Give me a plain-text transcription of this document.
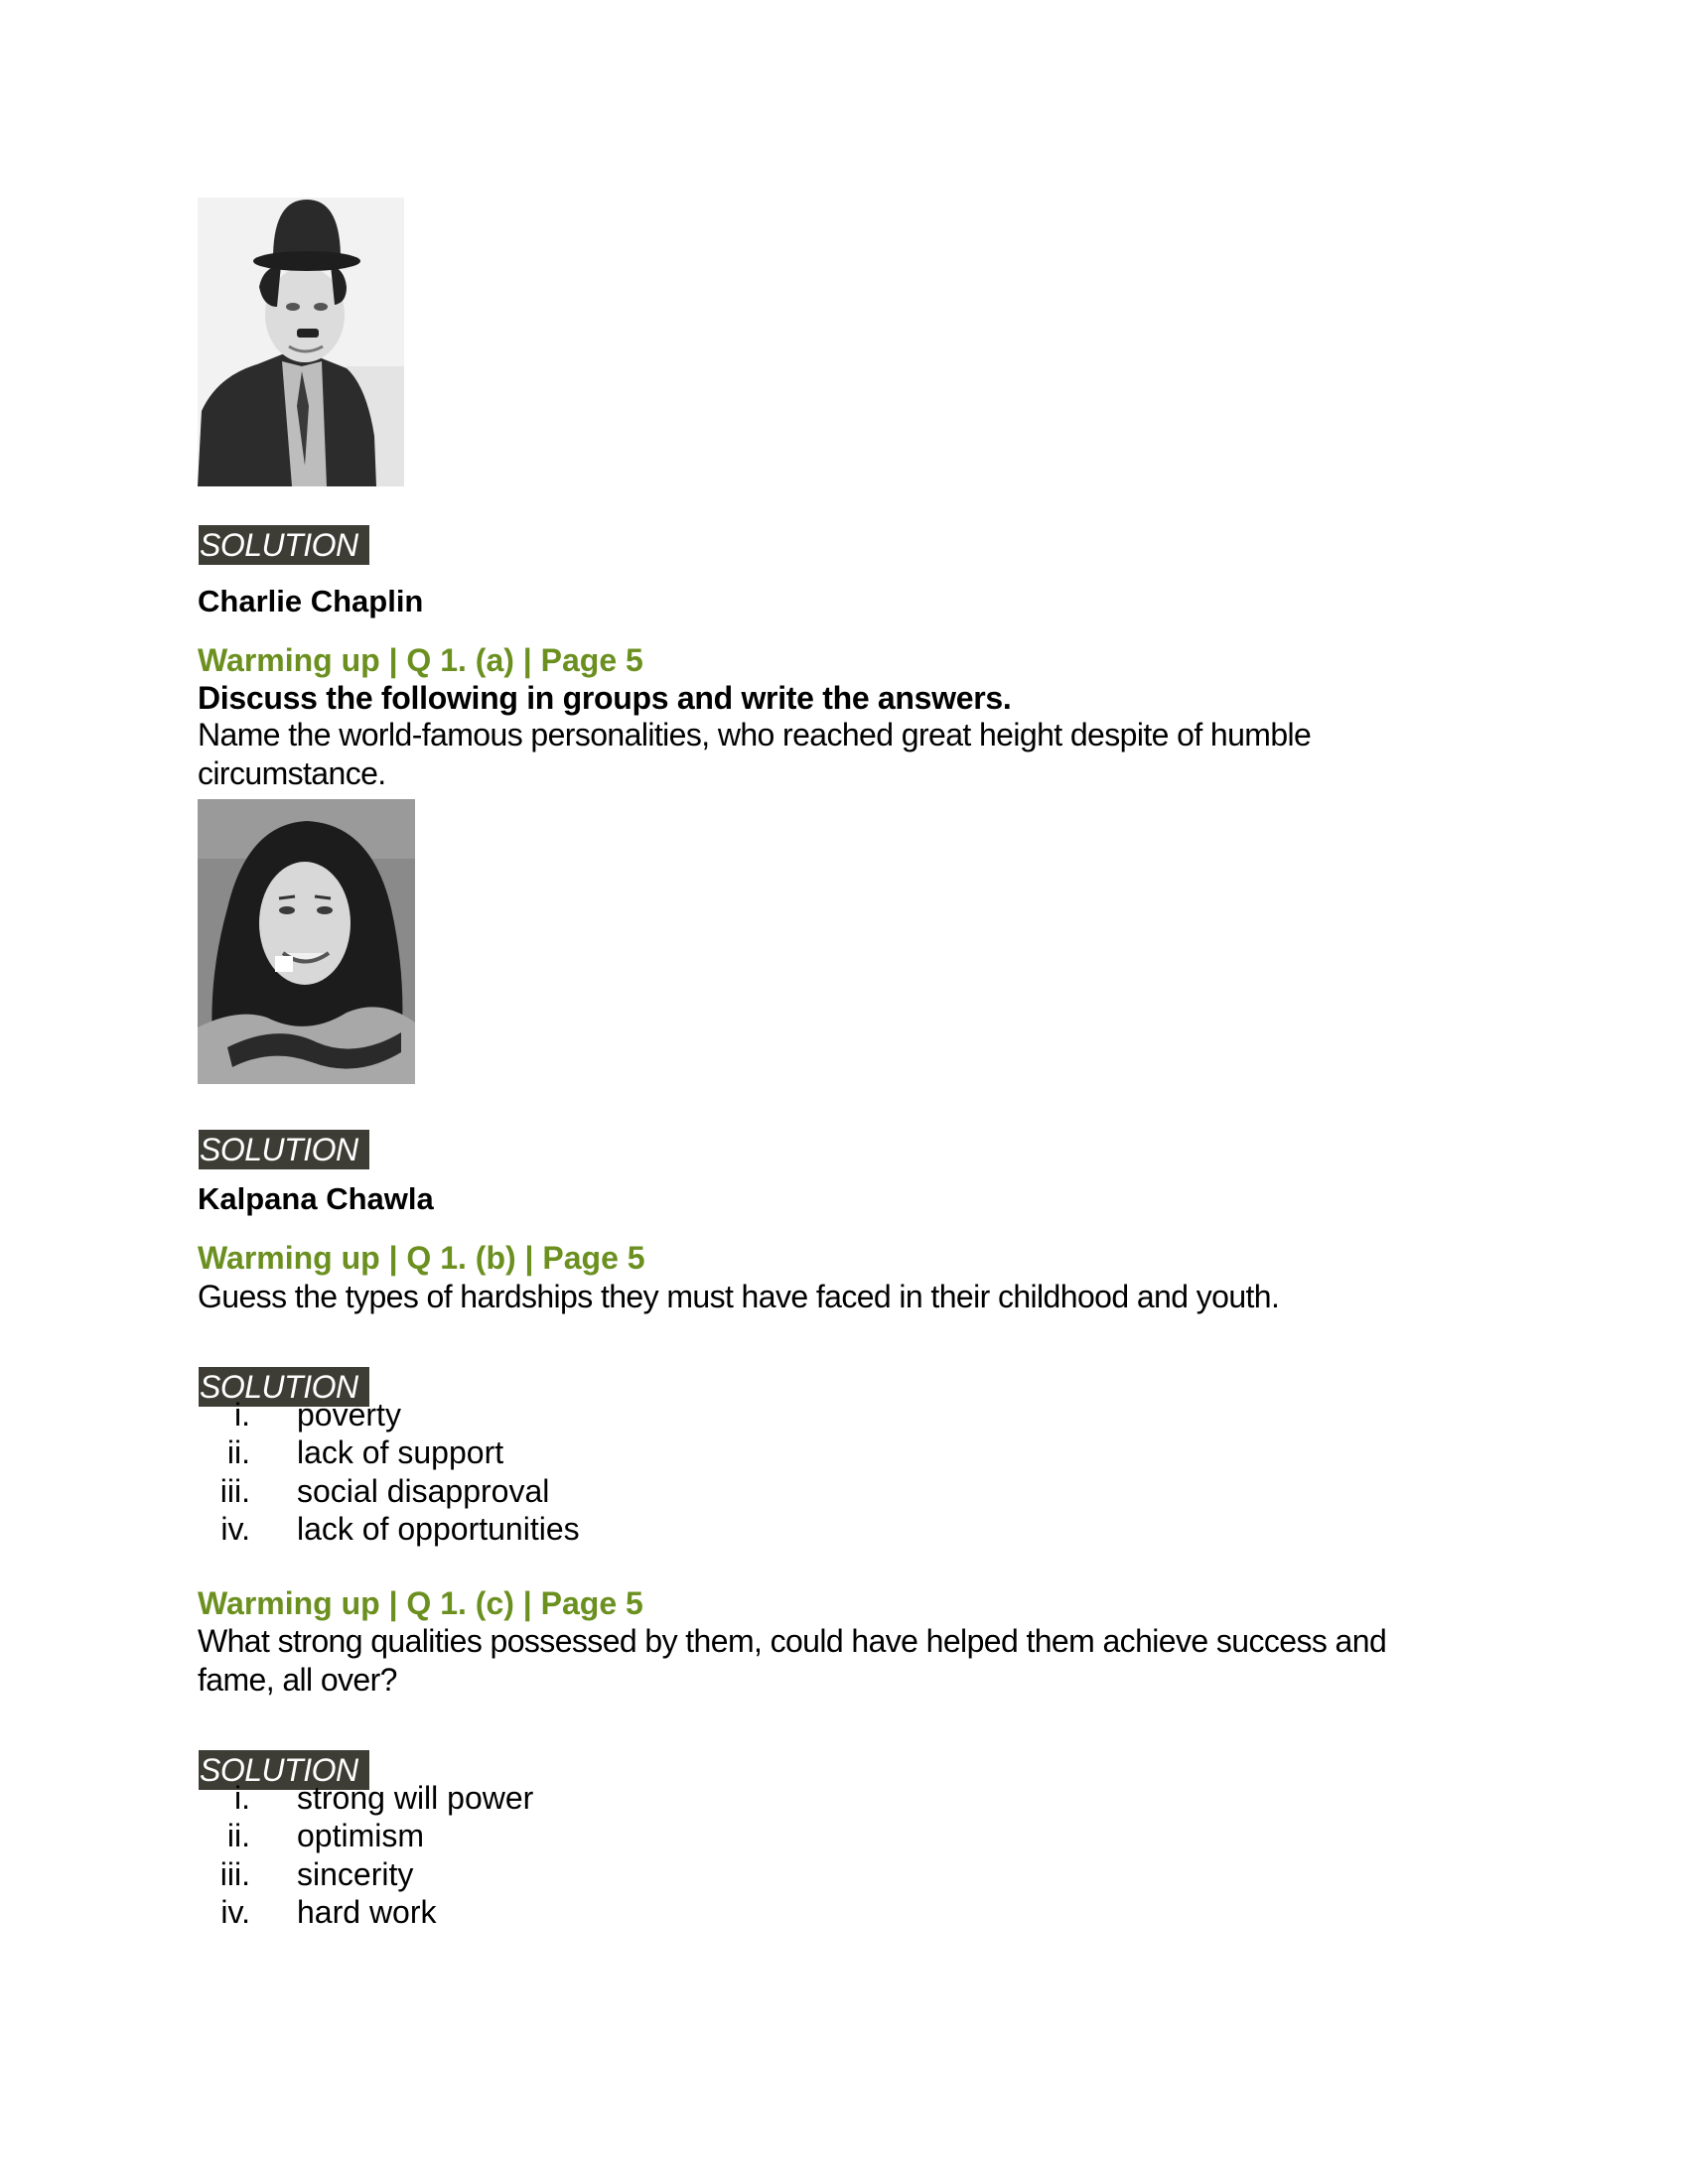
SOLUTION
Charlie Chaplin
Warming up | Q 1. (a) | Page 5
Discuss the following in groups and write the answers.
Name the world-famous personalities, who reached great height despite of humble
circumstance.
SOLUTION
Kalpana Chawla
Warming up | Q 1. (b) | Page 5
Guess the types of hardships they must have faced in their childhood and youth.
SOLUTION
i. poverty
ii. lack of support
iii. social disapproval
iv. lack of opportunities
Warming up | Q 1. (c) | Page 5
What strong qualities possessed by them, could have helped them achieve success and
fame, all over?
SOLUTION
i. strong will power
ii. optimism
iii. sincerity
iv. hard work
